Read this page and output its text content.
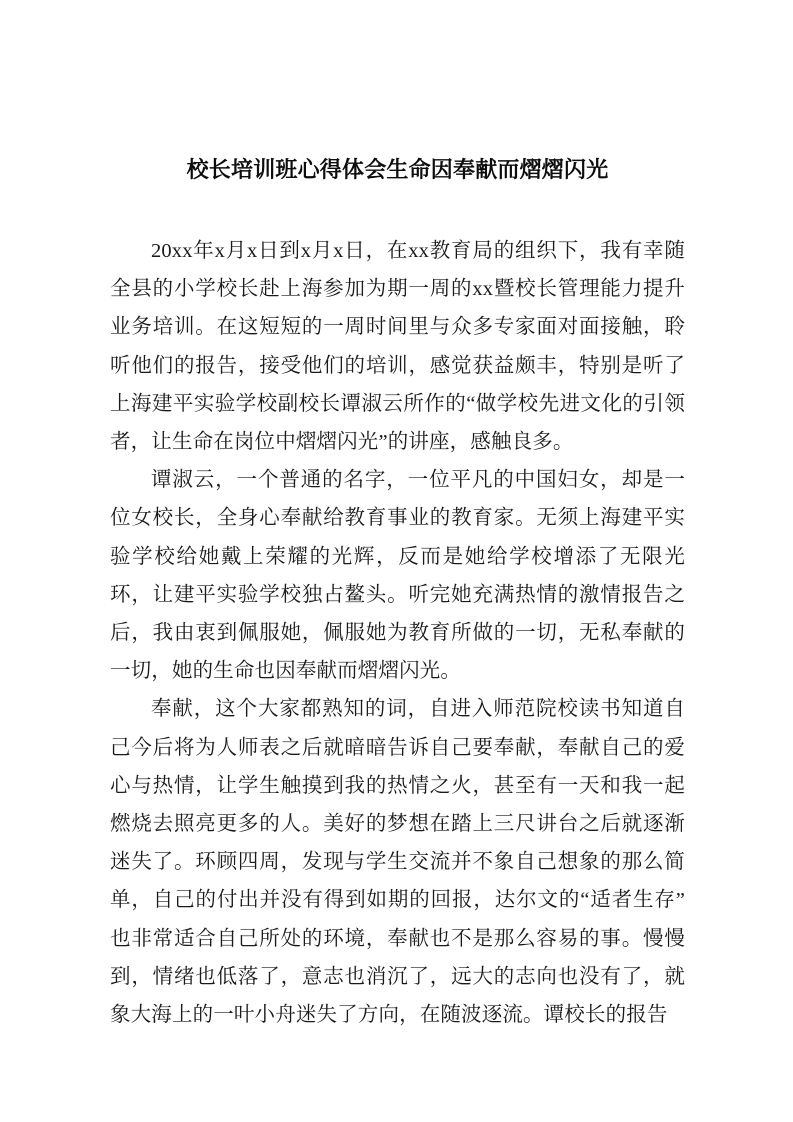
校长培训班心得体会生命因奉献而熠熠闪光

20xx年x月x日到x月x日，在xx教育局的组织下，我有幸随全县的小学校长赴上海参加为期一周的xx暨校长管理能力提升业务培训。在这短短的一周时间里与众多专家面对面接触，聆听他们的报告，接受他们的培训，感觉获益颇丰，特别是听了上海建平实验学校副校长谭淑云所作的“做学校先进文化的引领者，让生命在岗位中熠熠闪光”的讲座，感触良多。

谭淑云，一个普通的名字，一位平凡的中国妇女，却是一位女校长，全身心奉献给教育事业的教育家。无须上海建平实验学校给她戴上荣耀的光辉，反而是她给学校增添了无限光环，让建平实验学校独占鳌头。听完她充满热情的激情报告之后，我由衷到佩服她，佩服她为教育所做的一切，无私奉献的一切，她的生命也因奉献而熠熠闪光。

奉献，这个大家都熟知的词，自进入师范院校读书知道自己今后将为人师表之后就暗暗告诉自己要奉献，奉献自己的爱心与热情，让学生触摸到我的热情之火，甚至有一天和我一起燃烧去照亮更多的人。美好的梦想在踏上三尺讲台之后就逐渐迷失了。环顾四周，发现与学生交流并不象自己想象的那么简单，自己的付出并没有得到如期的回报，达尔文的“适者生存”也非常适合自己所处的环境，奉献也不是那么容易的事。慢慢到，情绪也低落了，意志也消沉了，远大的志向也没有了，就象大海上的一叶小舟迷失了方向，在随波逐流。谭校长的报告
